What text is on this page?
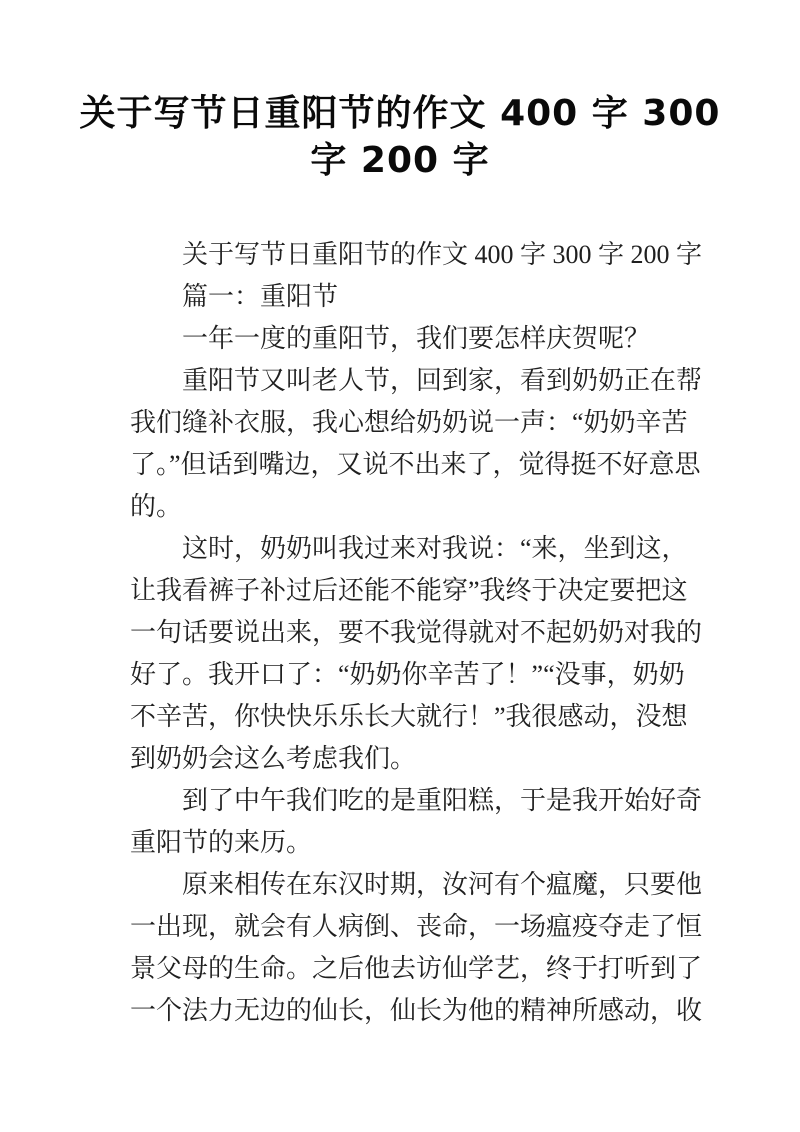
关于写节日重阳节的作文 400 字 300
字 200 字

关于写节日重阳节的作文 400 字 300 字 200 字

篇一：重阳节

一年一度的重阳节，我们要怎样庆贺呢？

重阳节又叫老人节，回到家，看到奶奶正在帮我们缝补衣服，我心想给奶奶说一声：“奶奶辛苦了。”但话到嘴边，又说不出来了，觉得挺不好意思的。

这时，奶奶叫我过来对我说：“来，坐到这，让我看裤子补过后还能不能穿”我终于决定要把这一句话要说出来，要不我觉得就对不起奶奶对我的好了。我开口了：“奶奶你辛苦了！”“没事，奶奶　不辛苦，你快快乐乐长大就行！”我很感动，没想到奶奶会这么考虑我们。

到了中午我们吃的是重阳糕，于是我开始好奇重阳节的来历。

原来相传在东汉时期，汝河有个瘟魔，只要他一出现，就会有人病倒、丧命，一场瘟疫夺走了恒景父母的生命。之后他去访仙学艺，终于打听到了一个法力无边的仙长，仙长为他的精神所感动，收
